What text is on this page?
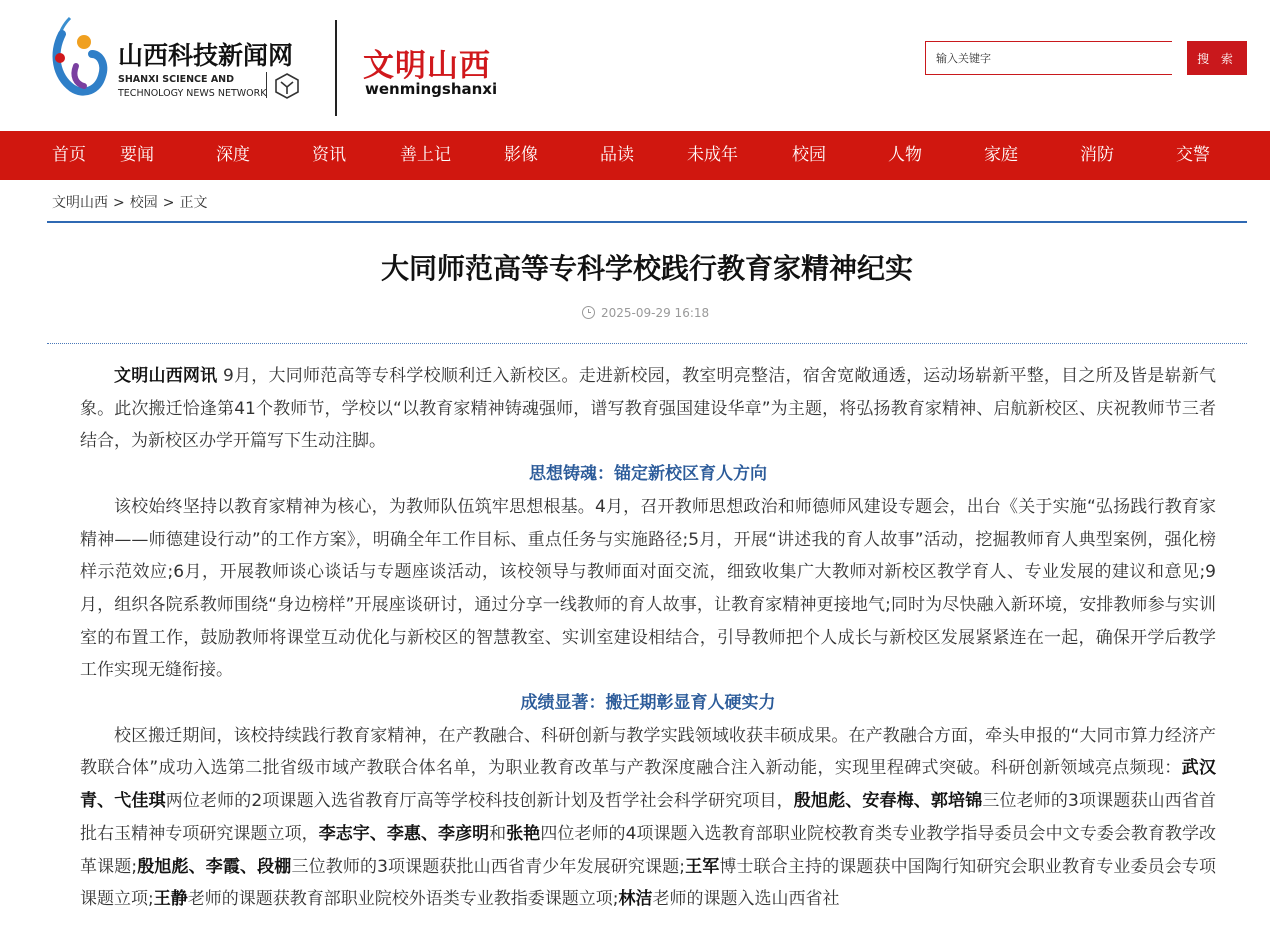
山西科技新闻网
SHANXI SCIENCE AND
TECHNOLOGY NEWS NETWORK
文明山西
wenmingshanxi
输入关键字
搜 索
首页 要闻	深度	资讯	善上记	影像	品读	未成年	校园	人物	家庭	消防	交警
文明山西 > 校园 > 正文
大同师范高等专科学校践行教育家精神纪实
2025-09-29 16:18

文明山西网讯 9月，大同师范高等专科学校顺利迁入新校区。走进新校园，教室明亮整洁，宿舍宽敞通透，运动场崭新平整，目之所及皆是崭新气象。此次搬迁恰逢第41个教师节，学校以“以教育家精神铸魂强师，谱写教育强国建设华章”为主题，将弘扬教育家精神、启航新校区、庆祝教师节三者结合，为新校区办学开篇写下生动注脚。

思想铸魂：锚定新校区育人方向

该校始终坚持以教育家精神为核心，为教师队伍筑牢思想根基。4月，召开教师思想政治和师德师风建设专题会，出台《关于实施“弘扬践行教育家精神——师德建设行动”的工作方案》，明确全年工作目标、重点任务与实施路径;5月，开展“讲述我的育人故事”活动，挖掘教师育人典型案例，强化榜样示范效应;6月，开展教师谈心谈话与专题座谈活动，该校领导与教师面对面交流，细致收集广大教师对新校区教学育人、专业发展的建议和意见;9月，组织各院系教师围绕“身边榜样”开展座谈研讨，通过分享一线教师的育人故事，让教育家精神更接地气;同时为尽快融入新环境，安排教师参与实训室的布置工作，鼓励教师将课堂互动优化与新校区的智慧教室、实训室建设相结合，引导教师把个人成长与新校区发展紧紧连在一起，确保开学后教学工作实现无缝衔接。

成绩显著：搬迁期彰显育人硬实力

校区搬迁期间，该校持续践行教育家精神，在产教融合、科研创新与教学实践领域收获丰硕成果。在产教融合方面，牵头申报的“大同市算力经济产教联合体”成功入选第二批省级市域产教联合体名单，为职业教育改革与产教深度融合注入新动能，实现里程碑式突破。科研创新领域亮点频现：武汉青、弋佳琪两位老师的2项课题入选省教育厅高等学校科技创新计划及哲学社会科学研究项目，殷旭彪、安春梅、郭培锦三位老师的3项课题获山西省首批右玉精神专项研究课题立项，李志宇、李惠、李彦明和张艳四位老师的4项课题入选教育部职业院校教育类专业教学指导委员会中文专委会教育教学改革课题;殷旭彪、李霞、段棚三位教师的3项课题获批山西省青少年发展研究课题;王军博士联合主持的课题获中国陶行知研究会职业教育专业委员会专项课题立项;王静老师的课题获教育部职业院校外语类专业教指委课题立项;林洁老师的课题入选山西省社
